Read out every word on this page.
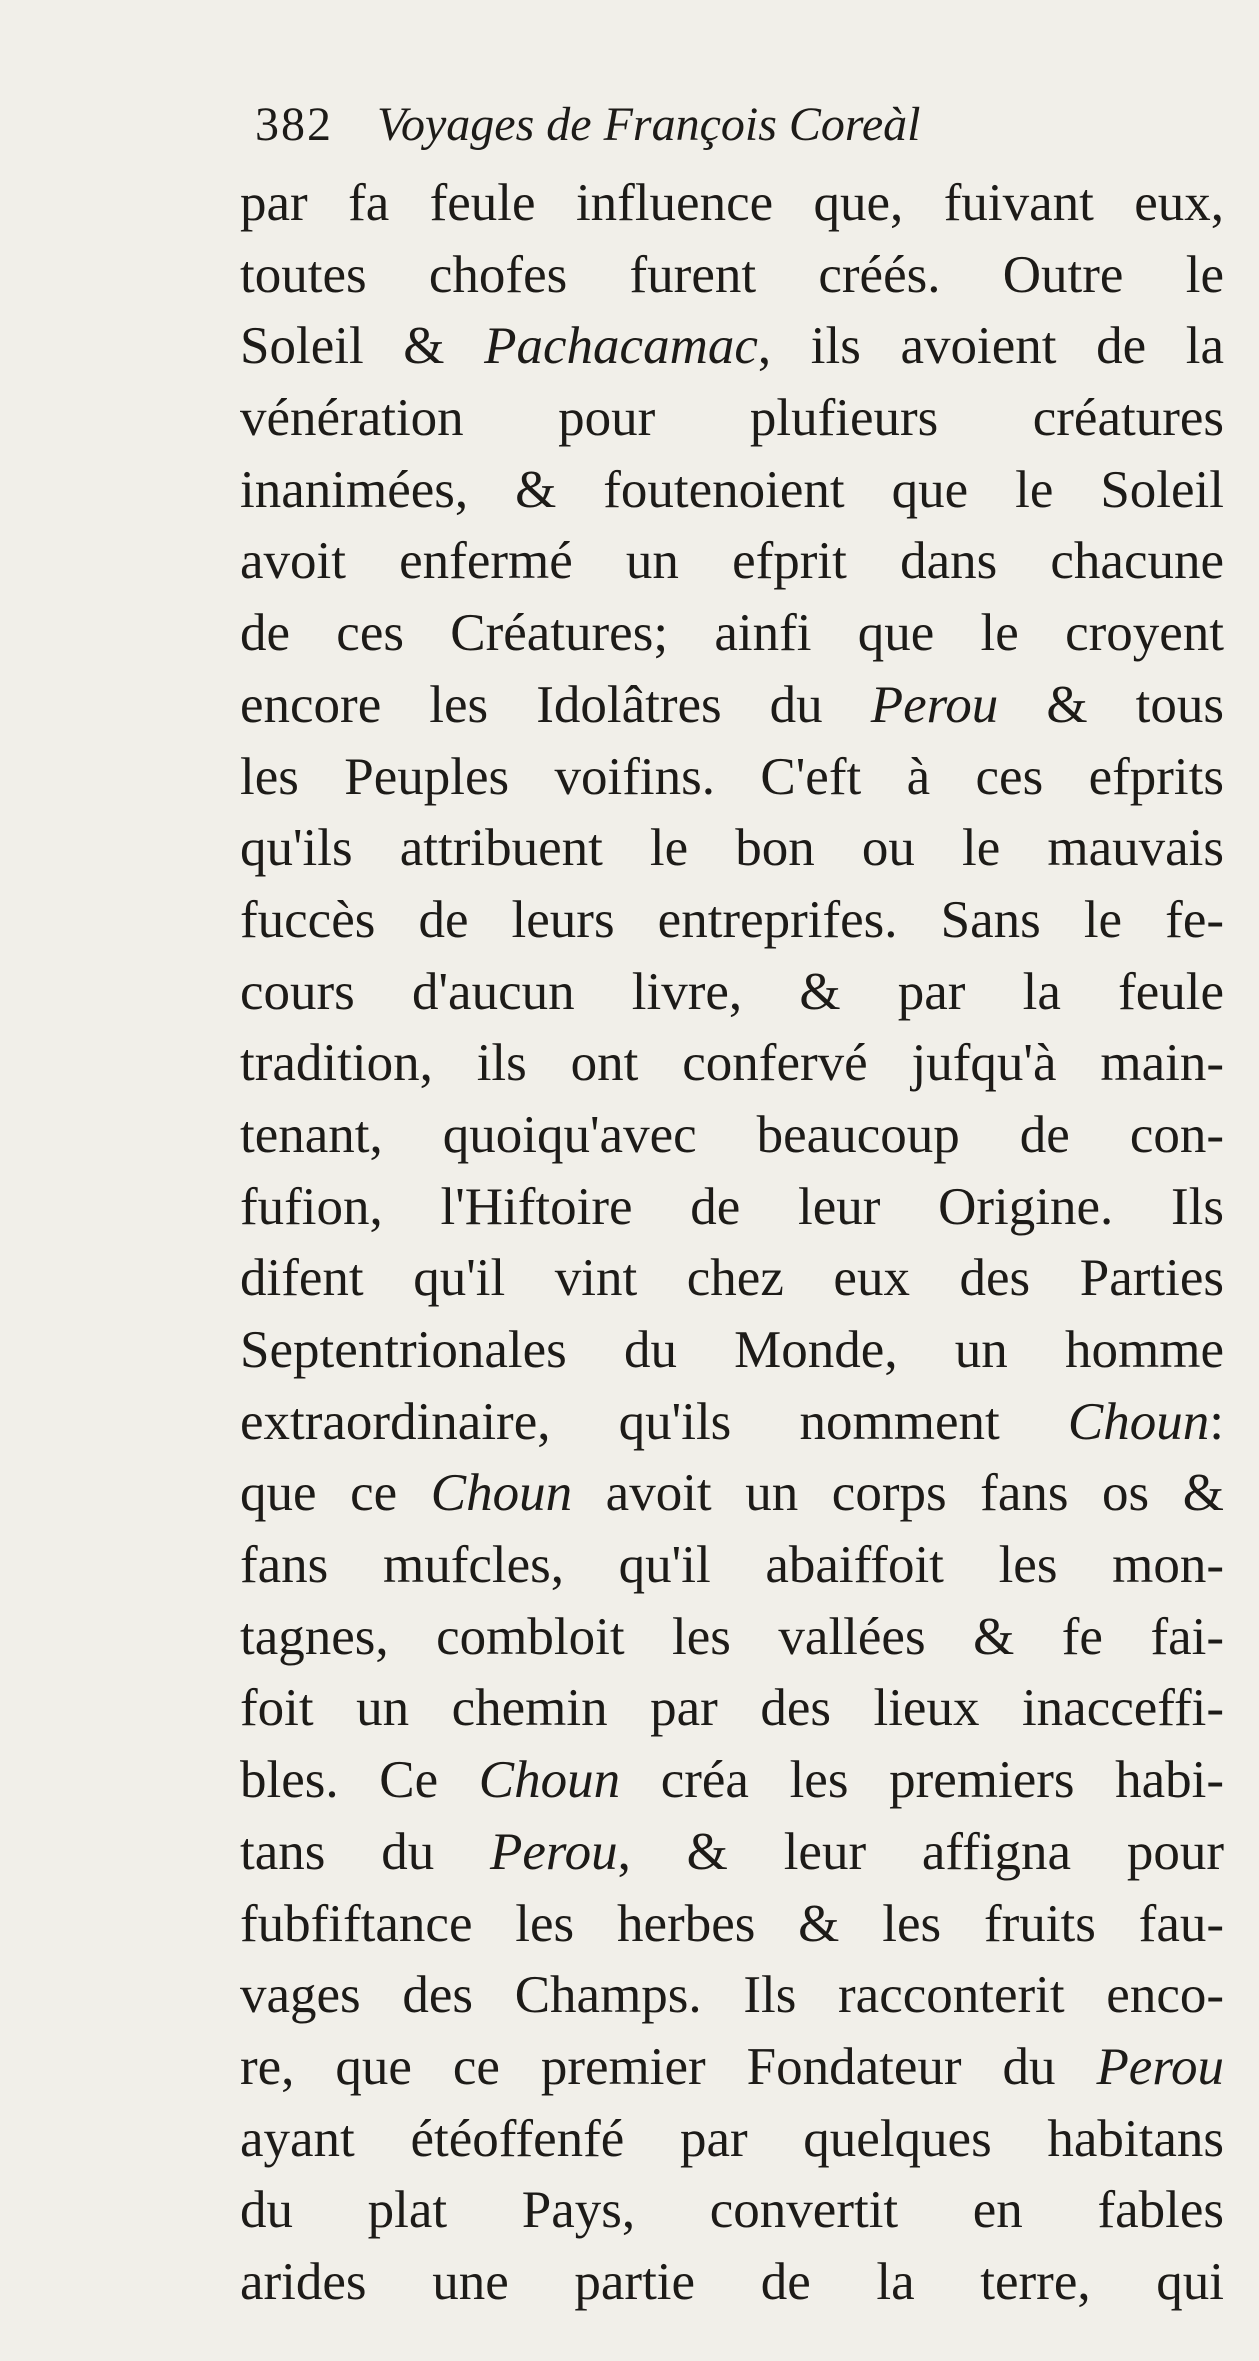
382 Voyages de François Coreàl
par fa feule influence que, fuivant eux,
toutes chofes furent créés. Outre le
Soleil & Pachacamac, ils avoient de la
vénération pour plufieurs créatures
inanimées, & foutenoient que le Soleil
avoit enfermé un efprit dans chacune
de ces Créatures; ainfi que le croyent
encore les Idolâtres du Perou & tous
les Peuples voifins. C'eft à ces efprits
qu'ils attribuent le bon ou le mauvais
fuccès de leurs entreprifes. Sans le fe-
cours d'aucun livre, & par la feule
tradition, ils ont confervé jufqu'à main-
tenant, quoiqu'avec beaucoup de con-
fufion, l'Hiftoire de leur Origine. Ils
difent qu'il vint chez eux des Parties
Septentrionales du Monde, un homme
extraordinaire, qu'ils nomment Choun:
que ce Choun avoit un corps fans os &
fans mufcles, qu'il abaiffoit les mon-
tagnes, combloit les vallées & fe fai-
foit un chemin par des lieux inacceffi-
bles. Ce Choun créa les premiers habi-
tans du Perou, & leur affigna pour
fubfiftance les herbes & les fruits fau-
vages des Champs. Ils racconterit enco-
re, que ce premier Fondateur du Perou
ayant étéoffenfé par quelques habitans
du plat Pays, convertit en fables
arides une partie de la terre, qui
